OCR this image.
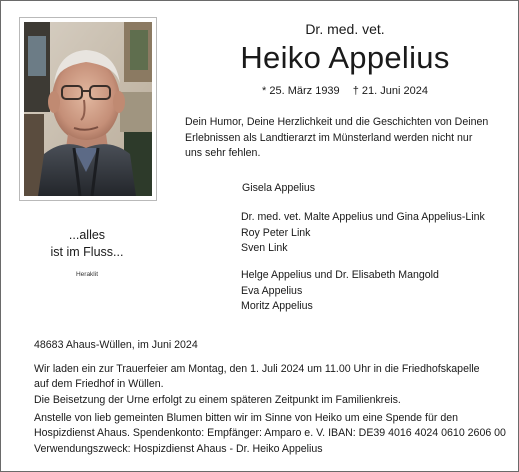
...alles
ist im Fluss...
Heraklit
Dr. med. vet.
Heiko Appelius
* 25. März 1939 † 21. Juni 2024
Dein Humor, Deine Herzlichkeit und die Geschichten von Deinen
Erlebnissen als Landtierarzt im Münsterland werden nicht nur
uns sehr fehlen.
Gisela Appelius
Dr. med. vet. Malte Appelius und Gina Appelius-Link
Roy Peter Link
Sven Link
Helge Appelius und Dr. Elisabeth Mangold
Eva Appelius
Moritz Appelius
48683 Ahaus-Wüllen, im Juni 2024
Wir laden ein zur Trauerfeier am Montag, den 1. Juli 2024 um 11.00 Uhr in die Friedhofskapelle
auf dem Friedhof in Wüllen.
Die Beisetzung der Urne erfolgt zu einem späteren Zeitpunkt im Familienkreis.
Anstelle von lieb gemeinten Blumen bitten wir im Sinne von Heiko um eine Spende für den
Hospizdienst Ahaus. Spendenkonto: Empfänger: Amparo e. V. IBAN: DE39 4016 4024 0610 2606 00
Verwendungszweck: Hospizdienst Ahaus - Dr. Heiko Appelius
